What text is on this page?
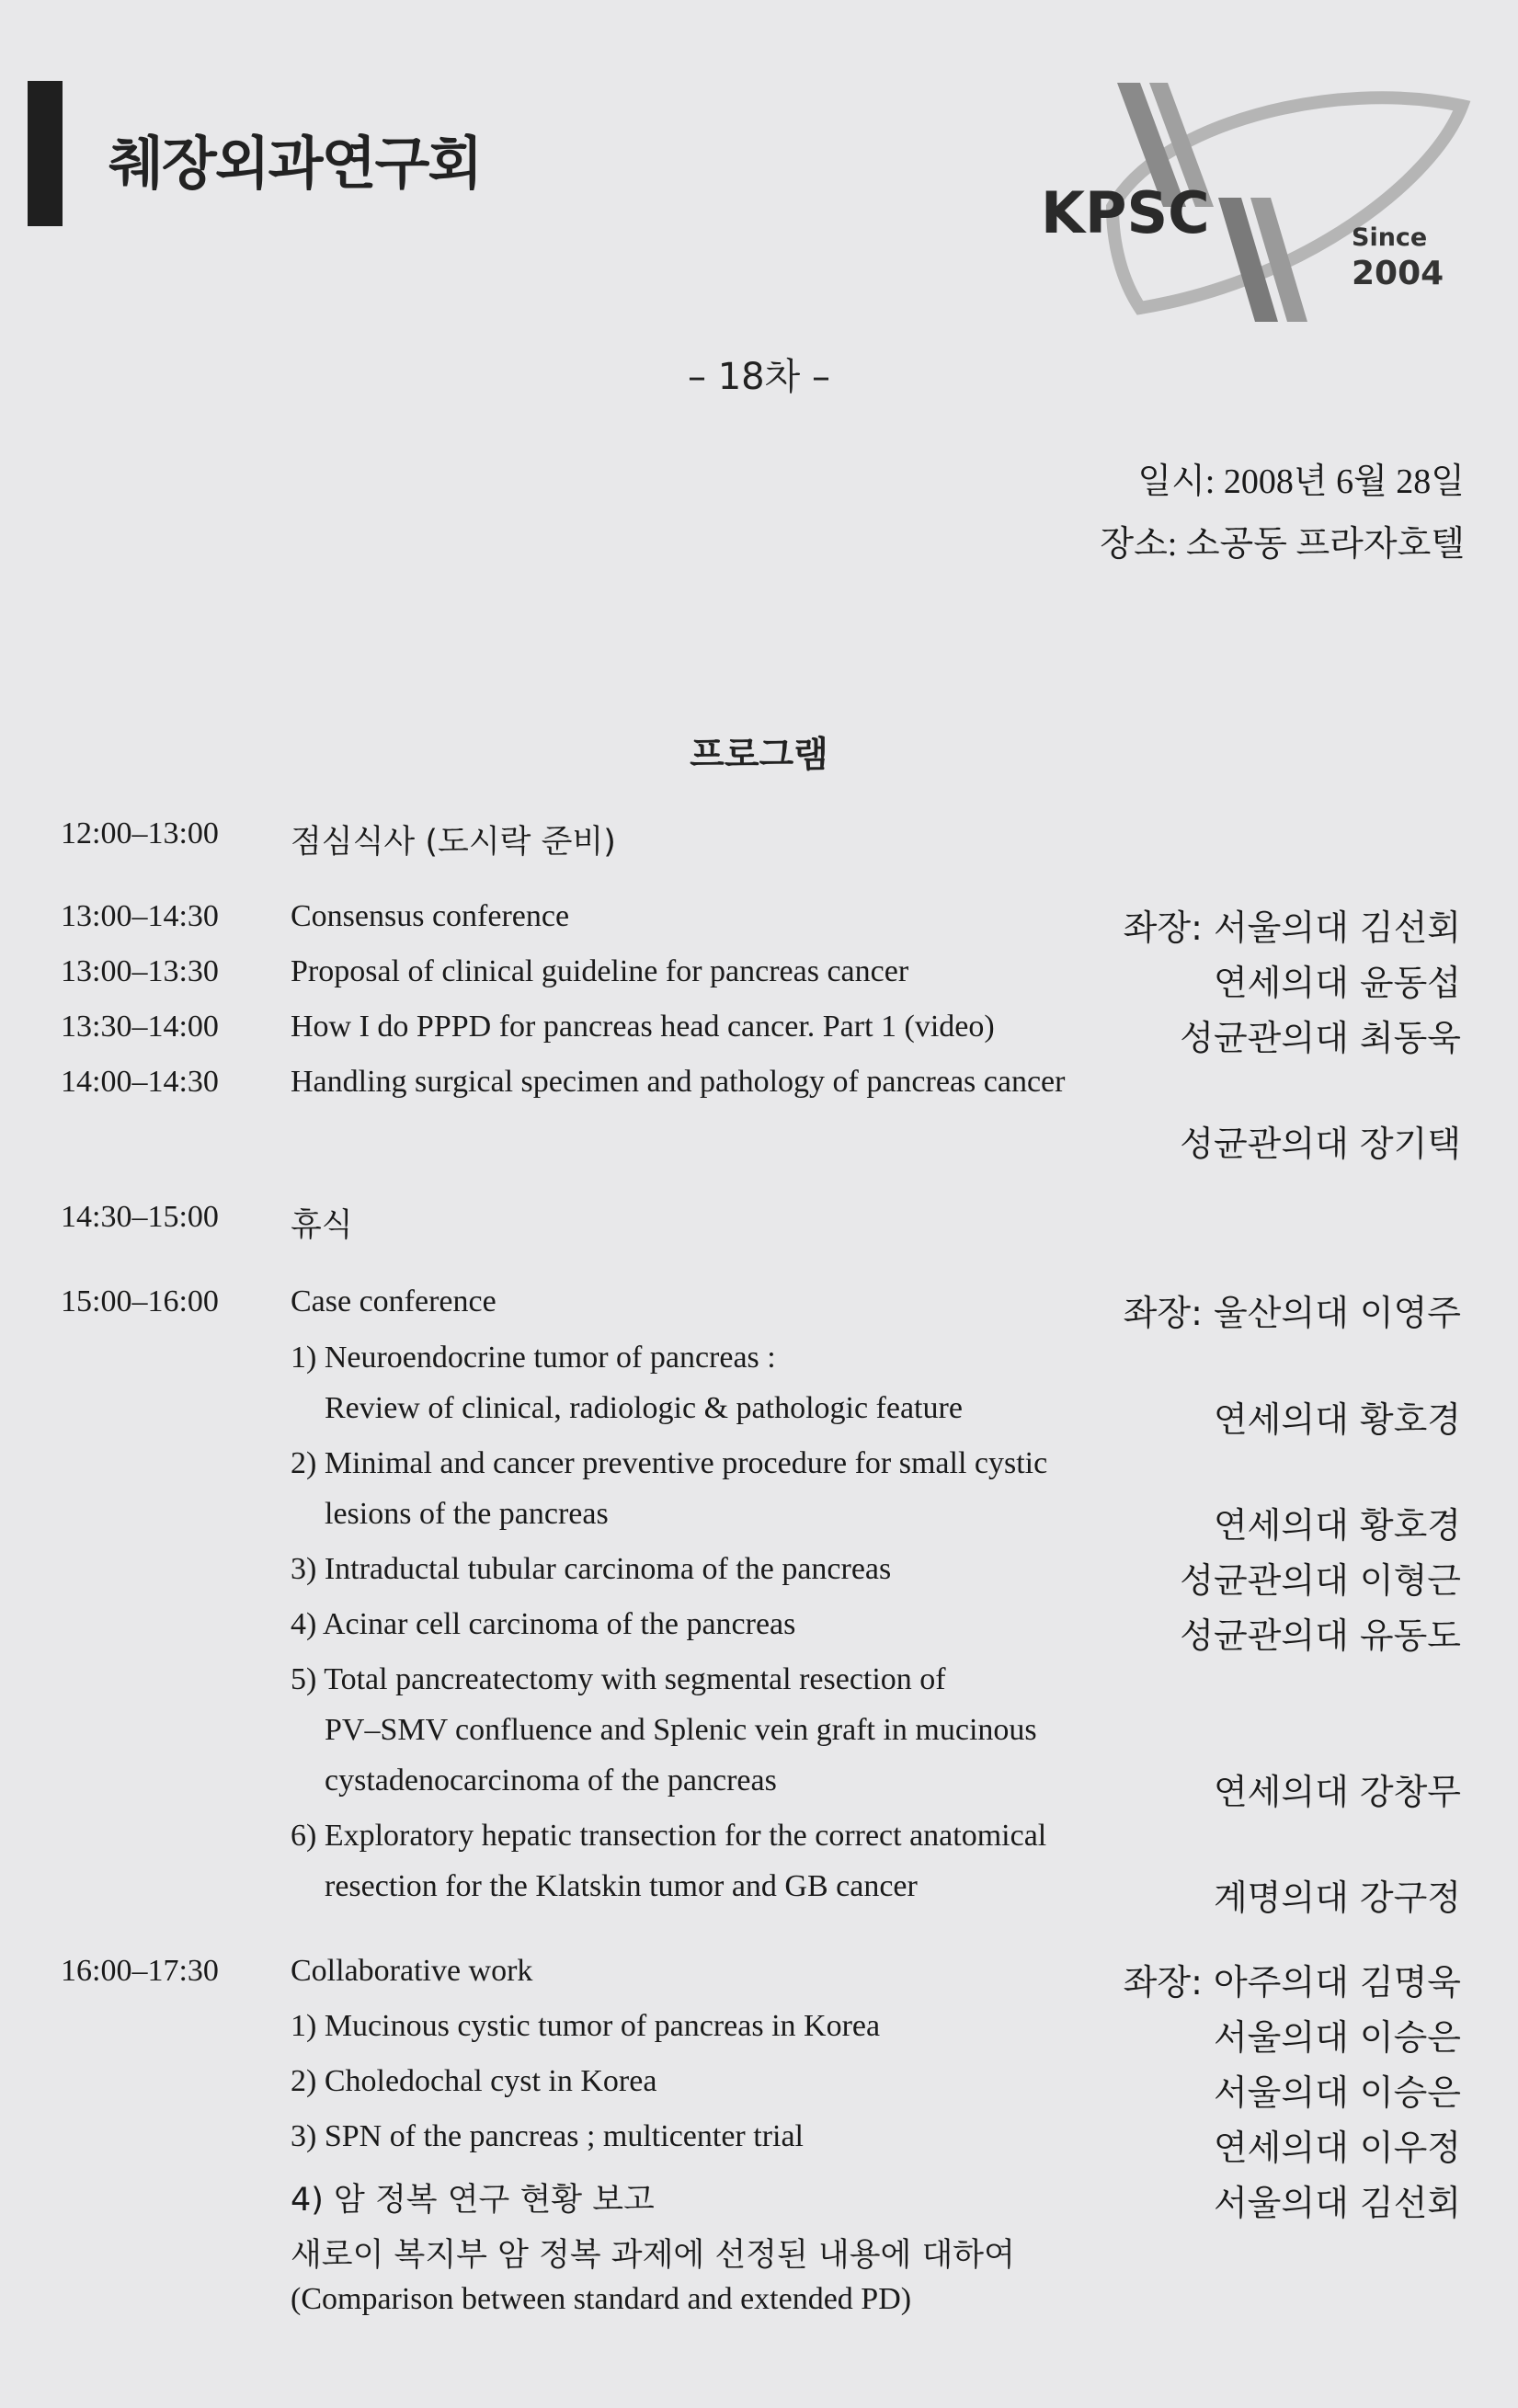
췌장외과연구회
KPSC	Since
2004
– 18차 –
일시: 2008년 6월 28일
장소: 소공동 프라자호텔
프로그램
12:00–13:00 점심식사 (도시락 준비)
13:00–14:30 Consensus conference	좌장: 서울의대 김선회
13:00–13:30 Proposal of clinical guideline for pancreas cancer	연세의대 윤동섭
13:30–14:00 How I do PPPD for pancreas head cancer. Part 1 (video)	성균관의대 최동욱
14:00–14:30 Handling surgical specimen and pathology of pancreas cancer
성균관의대 장기택
14:30–15:00 휴식
15:00–16:00 Case conference	좌장: 울산의대 이영주
1) Neuroendocrine tumor of pancreas :
Review of clinical, radiologic & pathologic feature	연세의대 황호경
2) Minimal and cancer preventive procedure for small cystic
lesions of the pancreas	연세의대 황호경
3) Intraductal tubular carcinoma of the pancreas	성균관의대 이형근
4) Acinar cell carcinoma of the pancreas	성균관의대 유동도
5) Total pancreatectomy with segmental resection of
PV–SMV confluence and Splenic vein graft in mucinous
cystadenocarcinoma of the pancreas	연세의대 강창무
6) Exploratory hepatic transection for the correct anatomical
resection for the Klatskin tumor and GB cancer	계명의대 강구정
16:00–17:30 Collaborative work	좌장: 아주의대 김명욱
1) Mucinous cystic tumor of pancreas in Korea	서울의대 이승은
2) Choledochal cyst in Korea	서울의대 이승은
3) SPN of the pancreas ; multicenter trial	연세의대 이우정
4) 암 정복 연구 현황 보고	서울의대 김선회
새로이 복지부 암 정복 과제에 선정된 내용에 대하여
(Comparison between standard and extended PD)
